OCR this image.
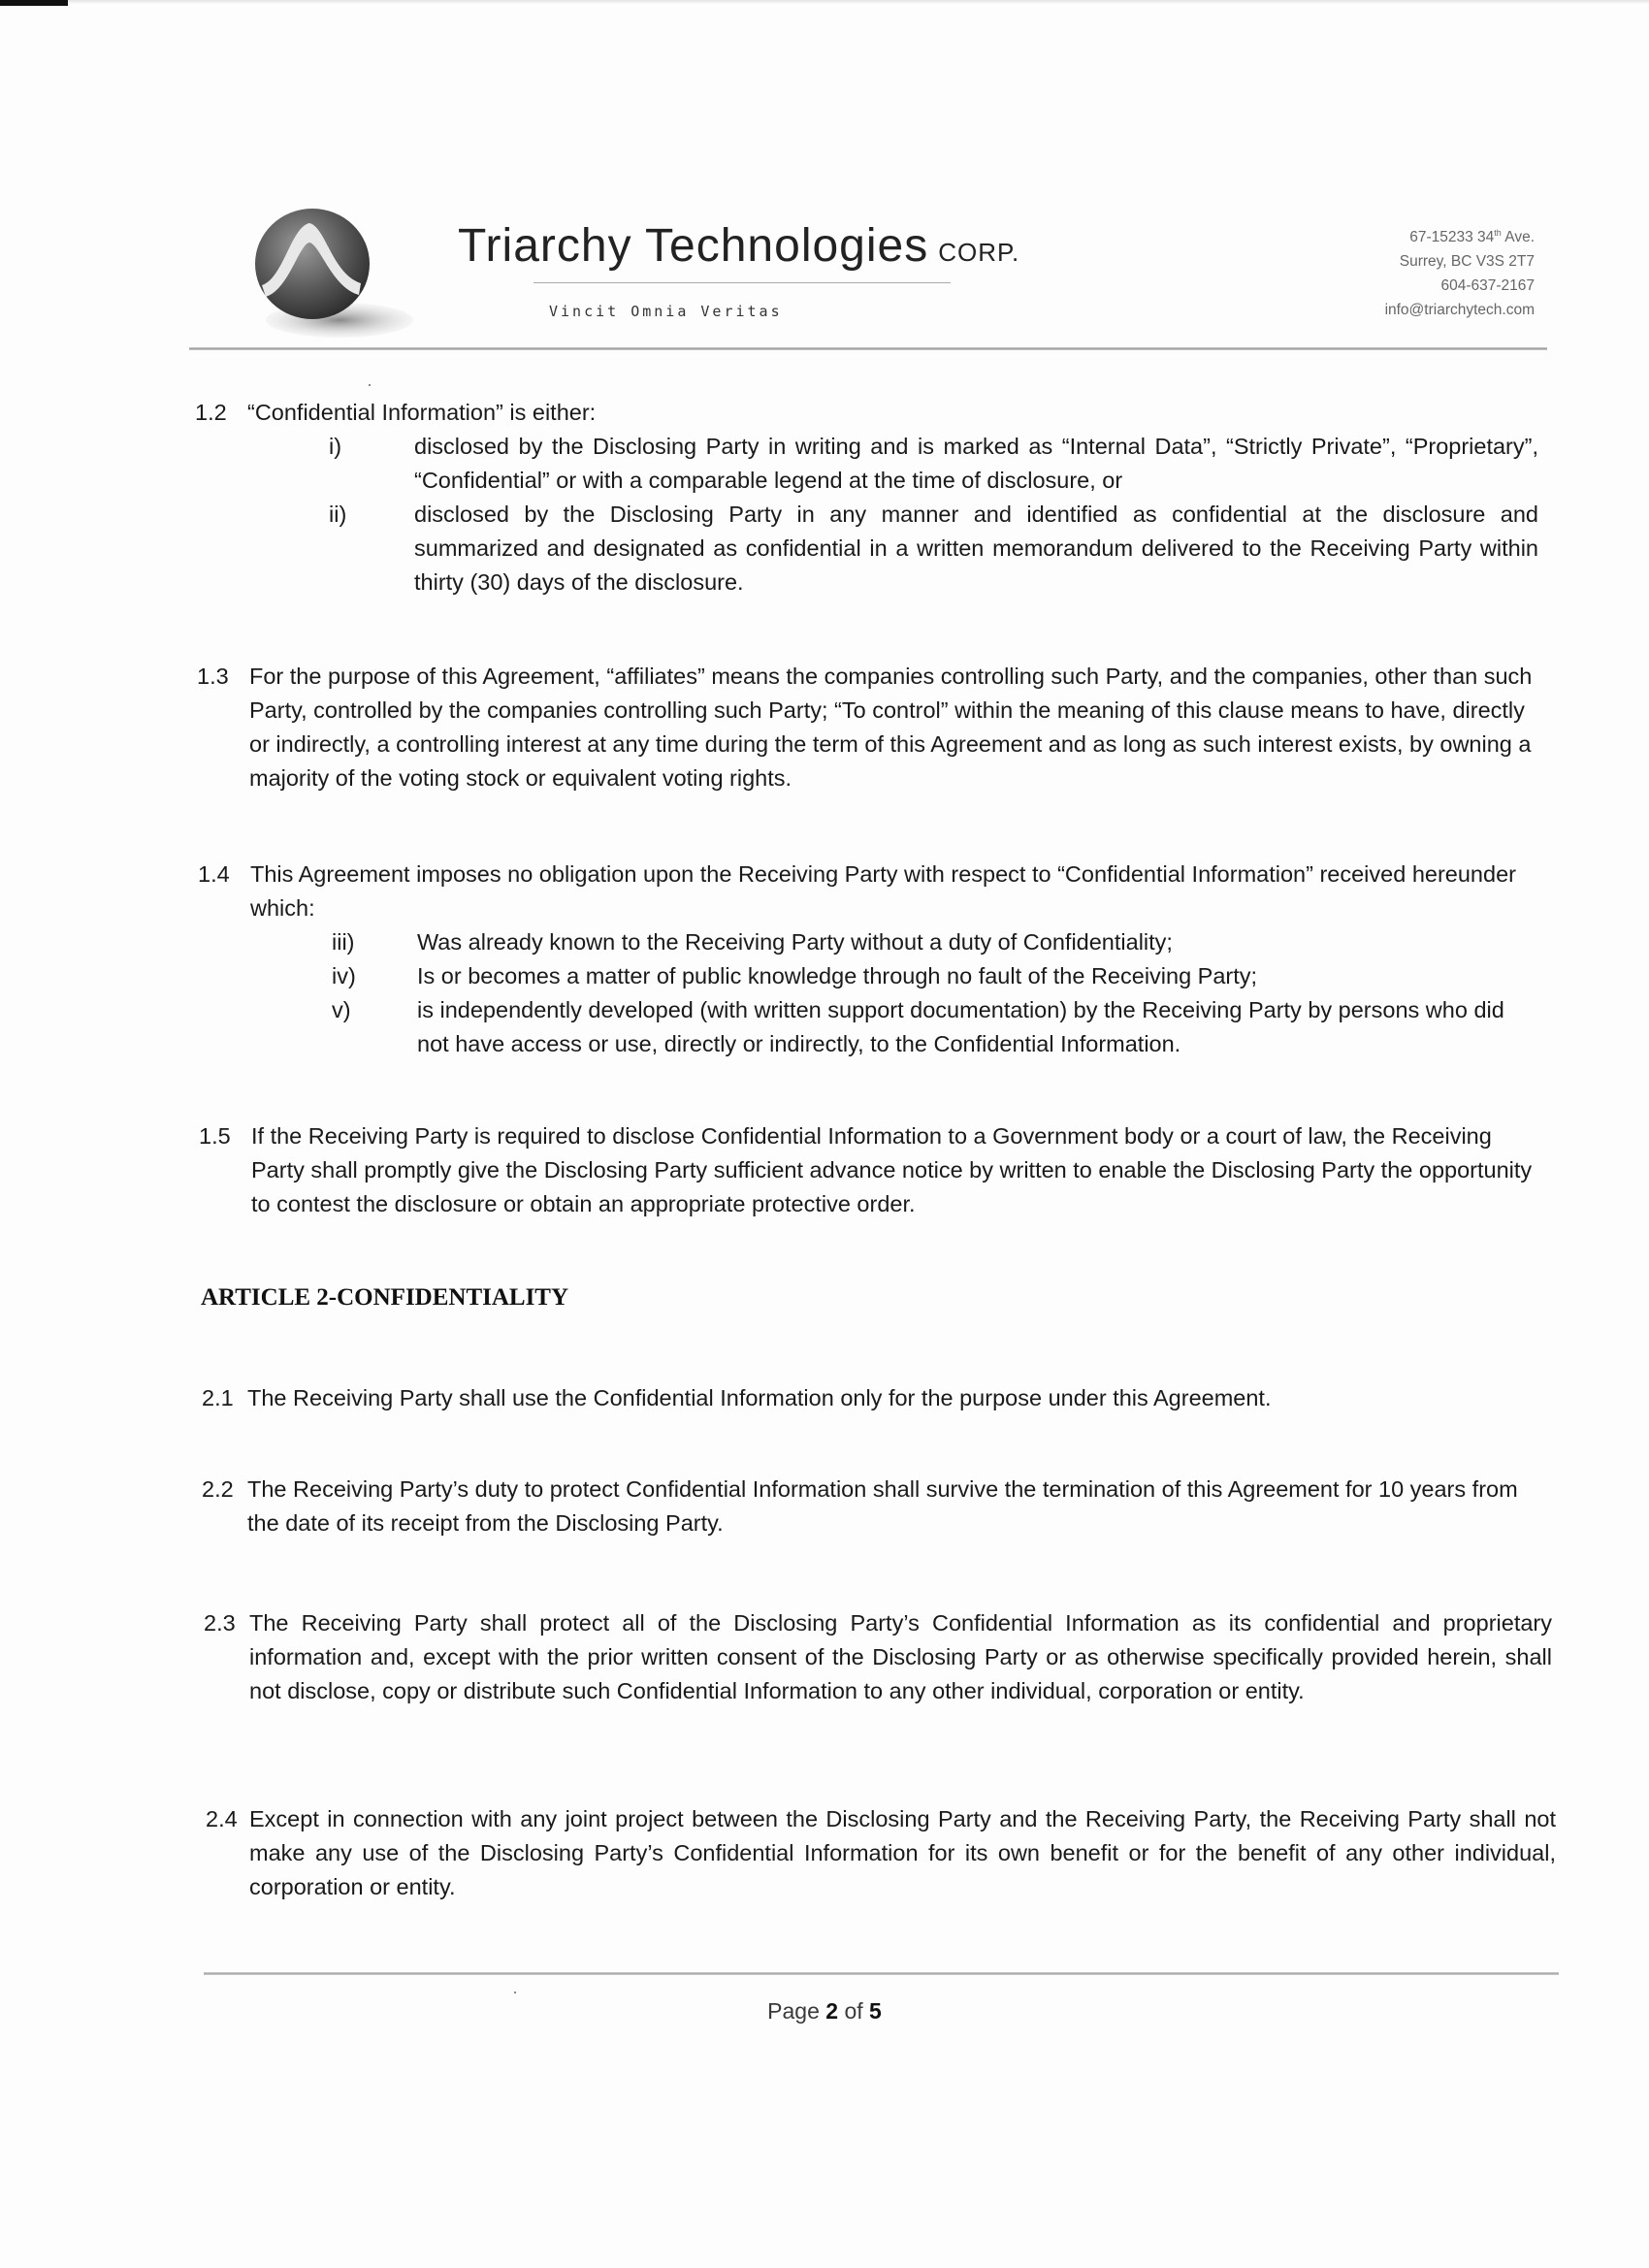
Triarchy Technologies CORP.
Vincit Omnia Veritas
67-15233 34th Ave.
Surrey, BC V3S 2T7
604-637-2167
info@triarchytech.com
1.2 “Confidential Information” is either:
i)	disclosed by the Disclosing Party in writing and is marked as “Internal Data”, “Strictly Private”, “Proprietary”, “Confidential” or with a comparable legend at the time of disclosure, or
ii)	disclosed by the Disclosing Party in any manner and identified as confidential at the disclosure and summarized and designated as confidential in a written memorandum delivered to the Receiving Party within thirty (30) days of the disclosure.
1.3 For the purpose of this Agreement, “affiliates” means the companies controlling such Party, and the companies, other than such Party, controlled by the companies controlling such Party; “To control” within the meaning of this clause means to have, directly or indirectly, a controlling interest at any time during the term of this Agreement and as long as such interest exists, by owning a majority of the voting stock or equivalent voting rights.
1.4 This Agreement imposes no obligation upon the Receiving Party with respect to “Confidential Information” received hereunder which:
iii)	Was already known to the Receiving Party without a duty of Confidentiality;
iv)	Is or becomes a matter of public knowledge through no fault of the Receiving Party;
v)	is independently developed (with written support documentation) by the Receiving Party by persons who did not have access or use, directly or indirectly, to the Confidential Information.
1.5 If the Receiving Party is required to disclose Confidential Information to a Government body or a court of law, the Receiving Party shall promptly give the Disclosing Party sufficient advance notice by written to enable the Disclosing Party the opportunity to contest the disclosure or obtain an appropriate protective order.
ARTICLE 2-CONFIDENTIALITY
2.1 The Receiving Party shall use the Confidential Information only for the purpose under this Agreement.
2.2 The Receiving Party’s duty to protect Confidential Information shall survive the termination of this Agreement for 10 years from the date of its receipt from the Disclosing Party.
2.3 The Receiving Party shall protect all of the Disclosing Party’s Confidential Information as its confidential and proprietary information and, except with the prior written consent of the Disclosing Party or as otherwise specifically provided herein, shall not disclose, copy or distribute such Confidential Information to any other individual, corporation or entity.
2.4 Except in connection with any joint project between the Disclosing Party and the Receiving Party, the Receiving Party shall not make any use of the Disclosing Party’s Confidential Information for its own benefit or for the benefit of any other individual, corporation or entity.
Page 2 of 5
